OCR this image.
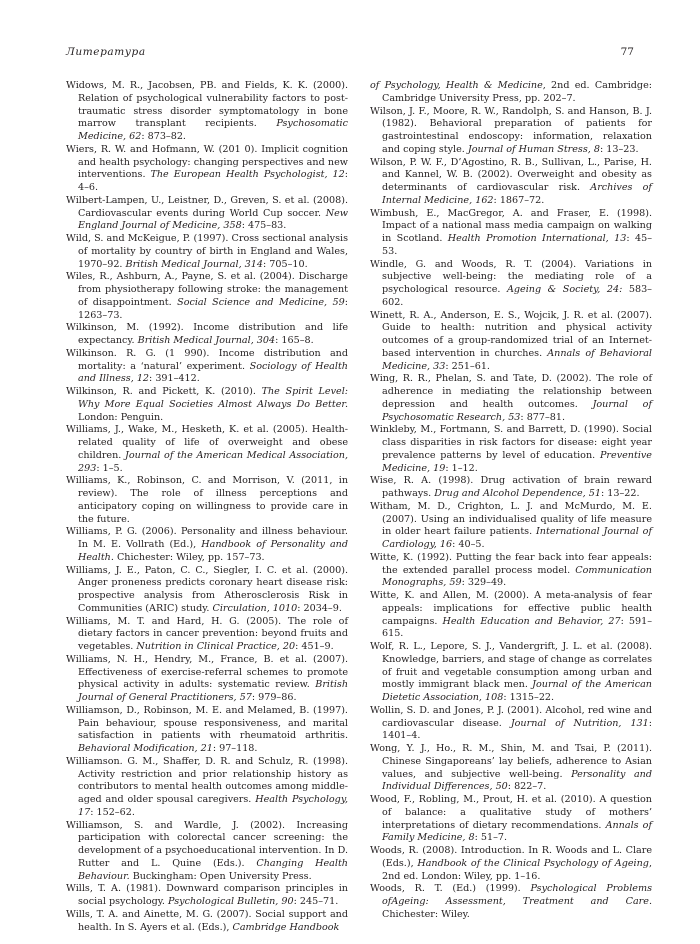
Литература	77

Widows, M. R., Jacobsen, PB. and Fields, K. K. (2000). Relation of psychological vulnerability factors to post-traumatic stress disorder symptomatology in bone marrow transplant recipients. Psychosomatic Medicine, 62: 873–82.

Wiers, R. W. and Hofmann, W. (201 0). Implicit cognition and health psychology: changing perspectives and new interventions. The European Health Psychologist, 12: 4–6.

Wilbert-Lampen, U., Leistner, D., Greven, S. et al. (2008). Cardiovascular events during World Cup soccer. New England Journal of Medicine, 358: 475–83.

Wild, S. and McKeigue, P. (1997). Cross sectional analysis of mortality by country of birth in England and Wales, 1970–92. British Medical Journal, 314: 705–10.

Wiles, R., Ashburn, A., Payne, S. et al. (2004). Discharge from physiotherapy following stroke: the management of disappointment. Social Science and Medicine, 59: 1263–73.

Wilkinson, M. (1992). Income distribution and life expectancy. British Medical Journal, 304: 165–8.

Wilkinson. R. G. (1 990). Income distribution and mortality: a ‘natural’ experiment. Sociology of Health and Illness, 12: 391–412.

Wilkinson, R. and Pickett, K. (2010). The Spirit Level: Why More Equal Societies Almost Always Do Better. London: Penguin.

Williams, J., Wake, M., Hesketh, K. et al. (2005). Health-related quality of life of overweight and obese children. Journal of the American Medical Association, 293: 1–5.

Williams, K., Robinson, C. and Morrison, V. (2011, in review). The role of illness perceptions and anticipatory coping on willingness to provide care in the future.

Williams, P. G. (2006). Personality and illness behaviour. In M. E. Vollrath (Ed.), Handbook of Personality and Health. Chichester: Wiley, pp. 157–73.

Williams, J. E., Paton, C. C., Siegler, I. C. et al. (2000). Anger proneness predicts coronary heart disease risk: prospective analysis from Atherosclerosis Risk in Communities (ARIC) study. Circulation, 1010: 2034–9.

Williams, M. T. and Hard, H. G. (2005). The role of dietary factors in cancer prevention: beyond fruits and vegetables. Nutrition in Clinical Practice, 20: 451–9.

Williams, N. H., Hendry, M., France, B. et al. (2007). Effectiveness of exercise-referral schemes to promote physical activity in adults: systematic review. British Journal of General Practitioners, 57: 979–86.

Williamson, D., Robinson, M. E. and Melamed, B. (1997). Pain behaviour, spouse responsiveness, and marital satisfaction in patients with rheumatoid arthritis. Behavioral Modification, 21: 97–118.

Williamson. G. M., Shaffer, D. R. and Schulz, R. (1998). Activity restriction and prior relationship history as contributors to mental health outcomes among middle-aged and older spousal caregivers. Health Psychology, 17: 152–62.

Williamson, S. and Wardle, J. (2002). Increasing participation with colorectal cancer screening: the development of a psychoeducational intervention. In D. Rutter and L. Quine (Eds.). Changing Health Behaviour. Buckingham: Open University Press.

Wills, T. A. (1981). Downward comparison principles in social psychology. Psychological Bulletin, 90: 245–71.

Wills, T. A. and Ainette, M. G. (2007). Social support and health. In S. Ayers et al. (Eds.), Cambridge Handbook

of Psychology, Health & Medicine, 2nd ed. Cambridge: Cambridge University Press, pp. 202–7.

Wilson, J. F., Moore, R. W., Randolph, S. and Hanson, B. J. (1982). Behavioral preparation of patients for gastrointestinal endoscopy: information, relaxation and coping style. Journal of Human Stress, 8: 13–23.

Wilson, P. W. F., D’Agostino, R. B., Sullivan, L., Parise, H. and Kannel, W. B. (2002). Overweight and obesity as determinants of cardiovascular risk. Archives of Internal Medicine, 162: 1867–72.

Wimbush, E., MacGregor, A. and Fraser, E. (1998). Impact of a national mass media campaign on walking in Scotland. Health Promotion International, 13: 45–53.

Windle, G. and Woods, R. T. (2004). Variations in subjective well-being: the mediating role of a psychological resource. Ageing & Society, 24: 583–602.

Winett, R. A., Anderson, E. S., Wojcik, J. R. et al. (2007). Guide to health: nutrition and physical activity outcomes of a group-randomized trial of an Internet-based intervention in churches. Annals of Behavioral Medicine, 33: 251–61.

Wing, R. R., Phelan, S. and Tate, D. (2002). The role of adherence in mediating the relationship between depression and health outcomes. Journal of Psychosomatic Research, 53: 877–81.

Winkleby, M., Fortmann, S. and Barrett, D. (1990). Social class disparities in risk factors for disease: eight year prevalence patterns by level of education. Preventive Medicine, 19: 1–12.

Wise, R. A. (1998). Drug activation of brain reward pathways. Drug and Alcohol Dependence, 51: 13–22.

Witham, M. D., Crighton, L. J. and McMurdo, M. E. (2007). Using an individualised quality of life measure in older heart failure patients. International Journal of Cardiology, 16: 40–5.

Witte, K. (1992). Putting the fear back into fear appeals: the extended parallel process model. Communication Monographs, 59: 329–49.

Witte, K. and Allen, M. (2000). A meta-analysis of fear appeals: implications for effective public health campaigns. Health Education and Behavior, 27: 591–615.

Wolf, R. L., Lepore, S. J., Vandergrift, J. L. et al. (2008). Knowledge, barriers, and stage of change as correlates of fruit and vegetable consumption among urban and mostly immigrant black men. Journal of the American Dietetic Association, 108: 1315–22.

Wollin, S. D. and Jones, P. J. (2001). Alcohol, red wine and cardiovascular disease. Journal of Nutrition, 131: 1401–4.

Wong, Y. J., Ho., R. M., Shin, M. and Tsai, P. (2011). Chinese Singaporeans’ lay beliefs, adherence to Asian values, and subjective well-being. Personality and Individual Differences, 50: 822–7.

Wood, F., Robling, M., Prout, H. et al. (2010). A question of balance: a qualitative study of mothers’ interpretations of dietary recommendations. Annals of Family Medicine, 8: 51–7.

Woods, R. (2008). Introduction. In R. Woods and L. Clare (Eds.), Handbook of the Clinical Psychology of Ageing, 2nd ed. London: Wiley, pp. 1–16.

Woods, R. T. (Ed.) (1999). Psychological Problems ofAgeing: Assessment, Treatment and Care. Chichester: Wiley.
